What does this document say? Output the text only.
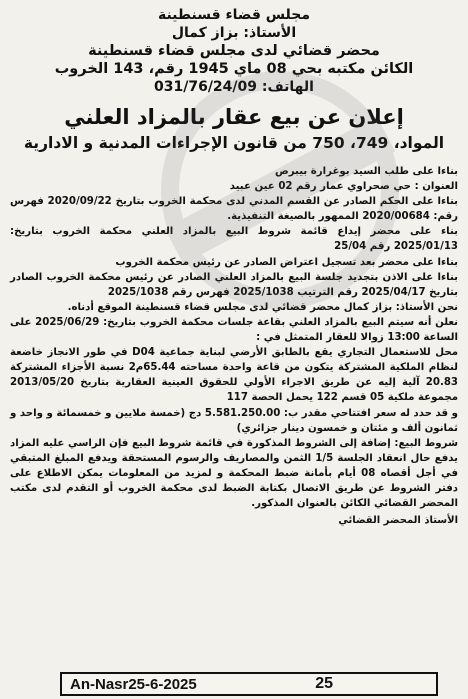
مجلس قضاء قسنطينة
الأستاذ: بزاز كمال
محضر قضائي لدى مجلس قضاء قسنطينة
الكائن مكتبه بحي 08 ماي 1945 رقم، 143 الخروب
الهاتف: 031/76/24/09
إعلان عن بيع عقار بالمزاد العلني
المواد، 749، 750 من قانون الإجراءات المدنية و الادارية

بناءا على طلب السيد بوغرارة بيبرص

العنوان : حي صحراوي عمار رقم 02 عين عبيد

بناءا على الحكم الصادر عن القسم المدني لدى محكمة الخروب بتاريخ 2020/09/22 فهرس رقم: 2020/00684 الممهور بالصيغة التنفيذية.

بناء على محضر إيداع قائمة شروط البيع بالمزاد العلني محكمة الخروب بتاريخ: 2025/01/13 رقم 25/04

بناءا على محضر بعد تسجيل اعتراض الصادر عن رئيس محكمة الخروب

بناءا على الاذن بتجديد جلسة البيع بالمزاد العلني الصادر عن رئيس محكمة الخروب الصادر بتاريخ 2025/04/17 رقم الترتيب 2025/1038 فهرس رقم 2025/1038

نحن الأستاذ: بزاز كمال محضر قضائي لدى مجلس قضاء قسنطينة الموقع أدناه.

نعلن أنه سيتم البيع بالمزاد العلني بقاعة جلسات محكمة الخروب بتاريخ: 2025/06/29 على الساعة 13:00 زوالا للعقار المتمثل في :

محل للاستعمال التجاري يقع بالطابق الأرضي لبناية جماعية D04 في طور الانجاز خاضعة لنظام الملكية المشتركة يتكون من قاعة واحدة مساحته 65.44م2 نسبة الأجزاء المشتركة 20.83 آلية إليه عن طريق الاجراء الأولي للحقوق العينية العقارية بتاريخ 2013/05/20 مجموعة ملكية 05 قسم 122 يحمل الحصة 117

و قد حدد له سعر افتتاحي مقدر ب: 5.581.250.00 دج (خمسة ملايين و خمسمائة و واحد و ثمانون ألف و مئتان و خمسون دينار جزائري)

شروط البيع: إضافة إلى الشروط المذكورة في قائمة شروط البيع فإن الراسي عليه المزاد يدفع حال انعقاد الجلسة 1/5 الثمن والمصاريف والرسوم المستحقة ويدفع المبلغ المتبقي في أجل أقصاه 08 أيام بأمانة ضبط المحكمة و لمزيد من المعلومات يمكن الاطلاع على دفتر الشروط عن طريق الاتصال بكتابة الضبط لدى محكمة الخروب أو التقدم لدى مكتب المحضر القضائي الكائن بالعنوان المذكور.

الأستاذ المحضر القضائي
An-Nasr25-6-2025	25
